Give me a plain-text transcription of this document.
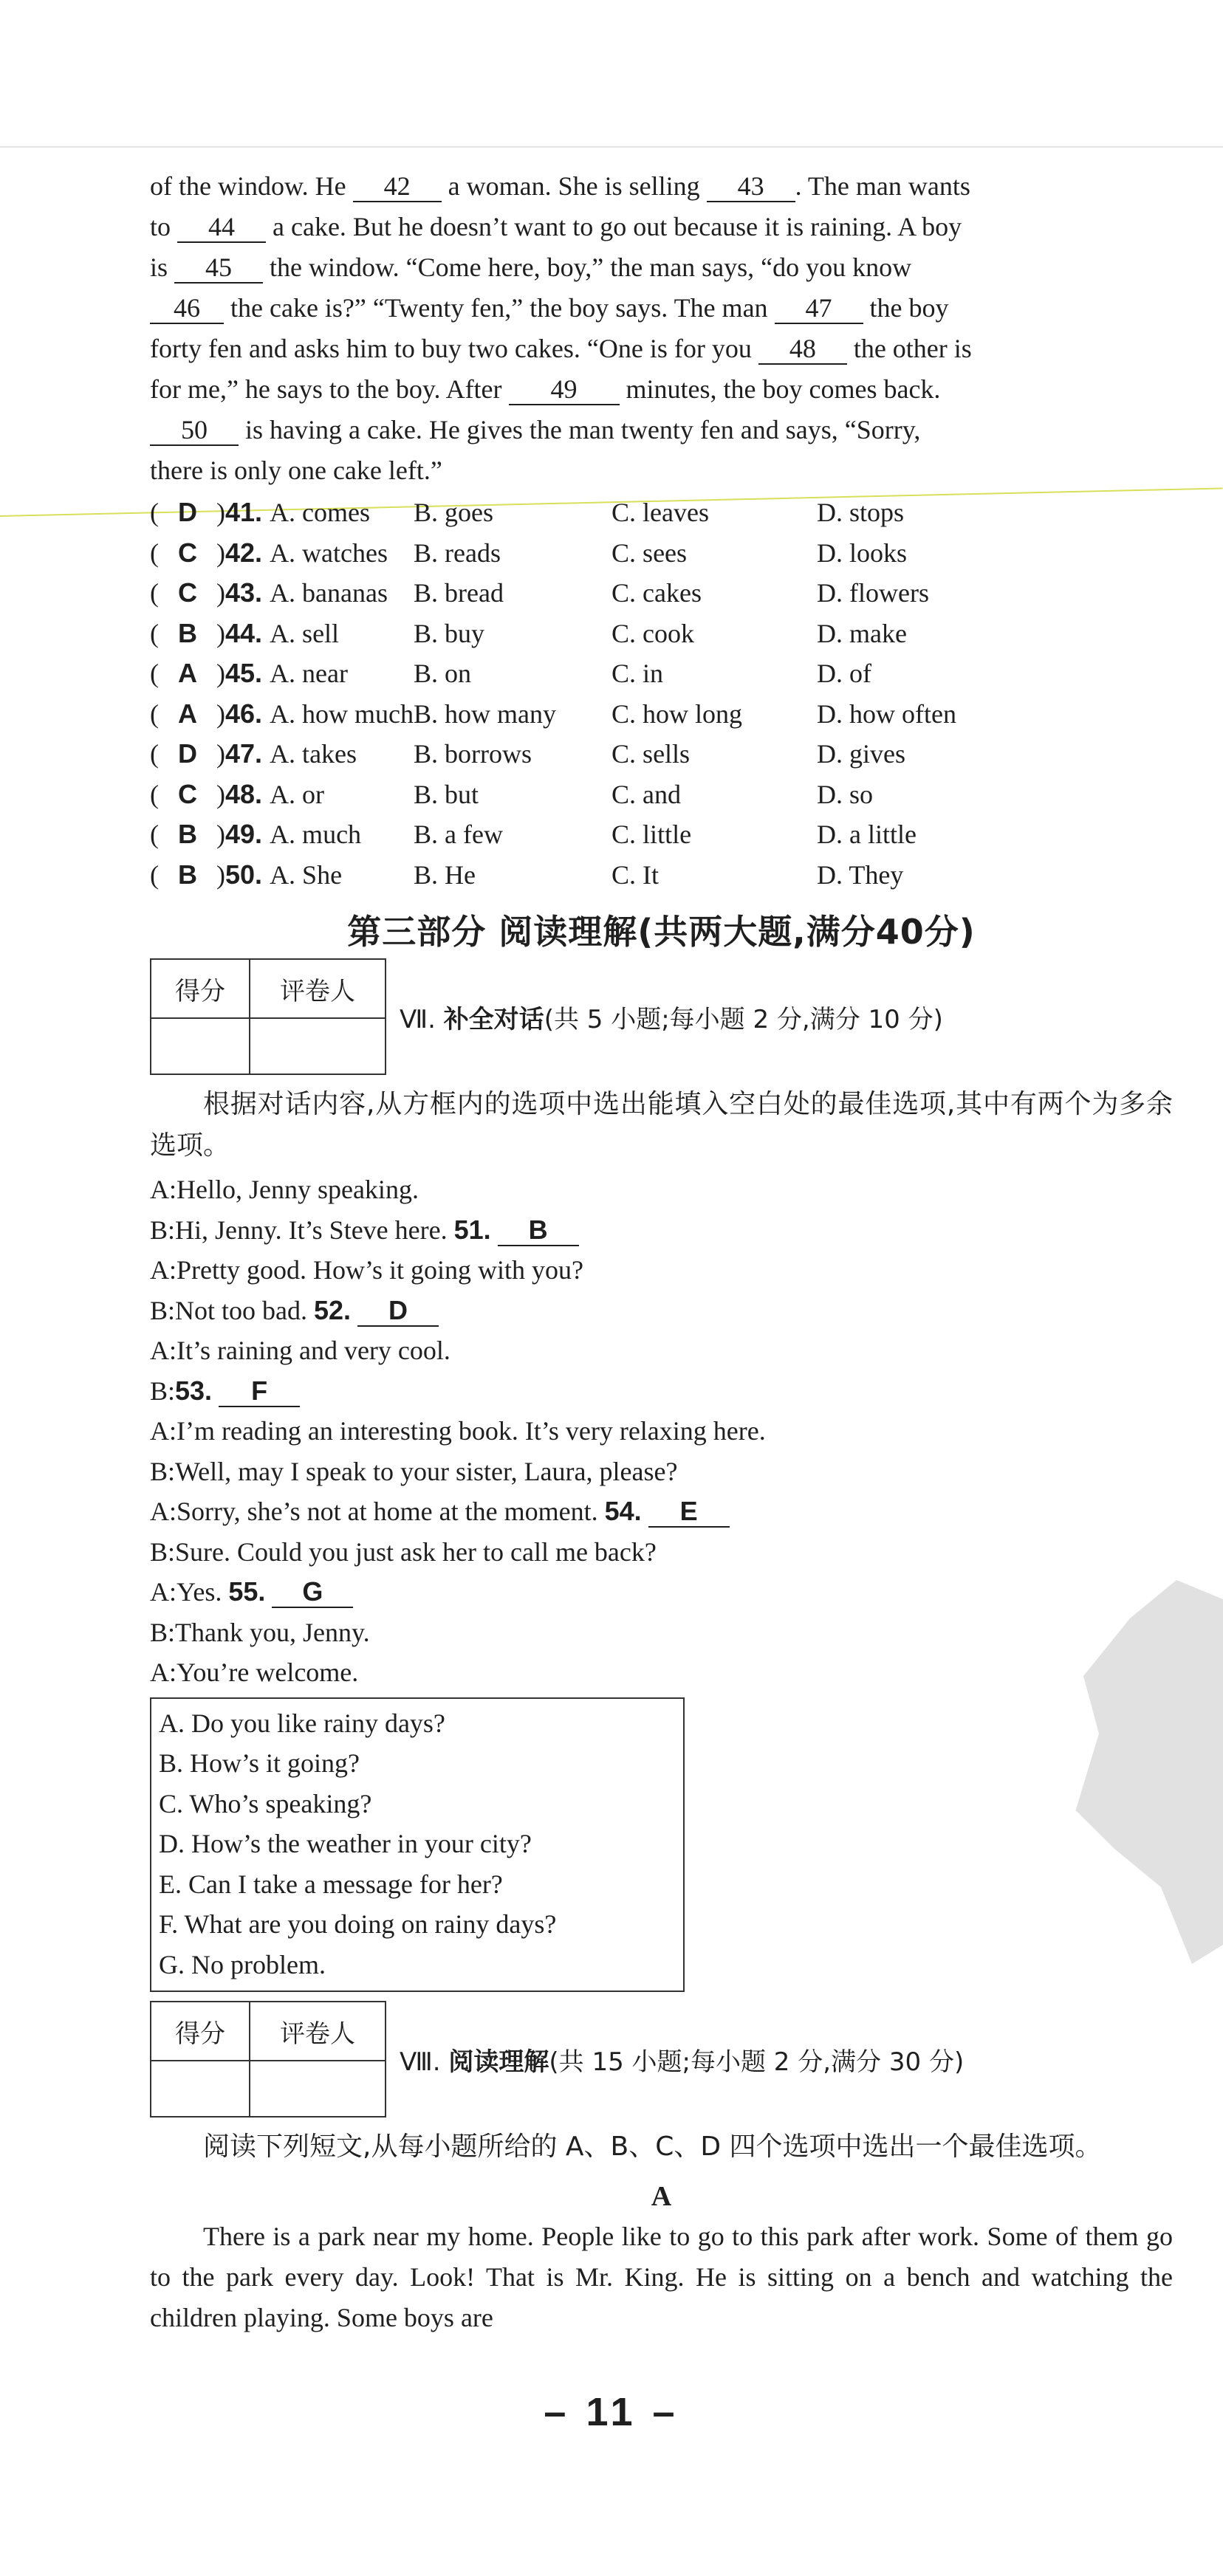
of the window. He 42 a woman. She is selling 43 . The man wants
to 44 a cake. But he doesn’t want to go out because it is raining. A boy
is 45 the window. “Come here, boy,” the man says, “do you know
46 the cake is?” “Twenty fen,” the boy says. The man 47 the boy
forty fen and asks him to buy two cakes. “One is for you 48 the other is
for me,” he says to the boy. After 49 minutes, the boy comes back.
50 is having a cake. He gives the man twenty fen and says, “Sorry,
there is only one cake left.”

( D )41. A. comes	B. goes	C. leaves	D. stops
( C )42. A. watches	B. reads	C. sees	D. looks
( C )43. A. bananas	B. bread	C. cakes	D. flowers
( B )44. A. sell	B. buy	C. cook	D. make
( A )45. A. near	B. on	C. in	D. of
( A )46. A. how much	B. how many	C. how long	D. how often
( D )47. A. takes	B. borrows	C. sells	D. gives
( C )48. A. or	B. but	C. and	D. so
( B )49. A. much	B. a few	C. little	D. a little
( B )50. A. She	B. He	C. It	D. They
第三部分 阅读理解(共两大题,满分40分)
得分	评卷人

Ⅶ. 补全对话(共 5 小题;每小题 2 分,满分 10 分)

根据对话内容,从方框内的选项中选出能填入空白处的最佳选项,其中有两个为多余选项。

A:Hello, Jenny speaking.

B:Hi, Jenny. It’s Steve here. 51. B

A:Pretty good. How’s it going with you?

B:Not too bad. 52. D

A:It’s raining and very cool.

B:53. F

A:I’m reading an interesting book. It’s very relaxing here.

B:Well, may I speak to your sister, Laura, please?

A:Sorry, she’s not at home at the moment. 54. E

B:Sure. Could you just ask her to call me back?

A:Yes. 55. G

B:Thank you, Jenny.

A:You’re welcome.

A. Do you like rainy days?
B. How’s it going?
C. Who’s speaking?
D. How’s the weather in your city?
E. Can I take a message for her?
F. What are you doing on rainy days?
G. No problem.
得分	评卷人

Ⅷ. 阅读理解(共 15 小题;每小题 2 分,满分 30 分)

阅读下列短文,从每小题所给的 A、B、C、D 四个选项中选出一个最佳选项。

A

There is a park near my home. People like to go to this park after work. Some of them go to the park every day. Look! That is Mr. King. He is sitting on a bench and watching the children playing. Some boys are

– 11 –
